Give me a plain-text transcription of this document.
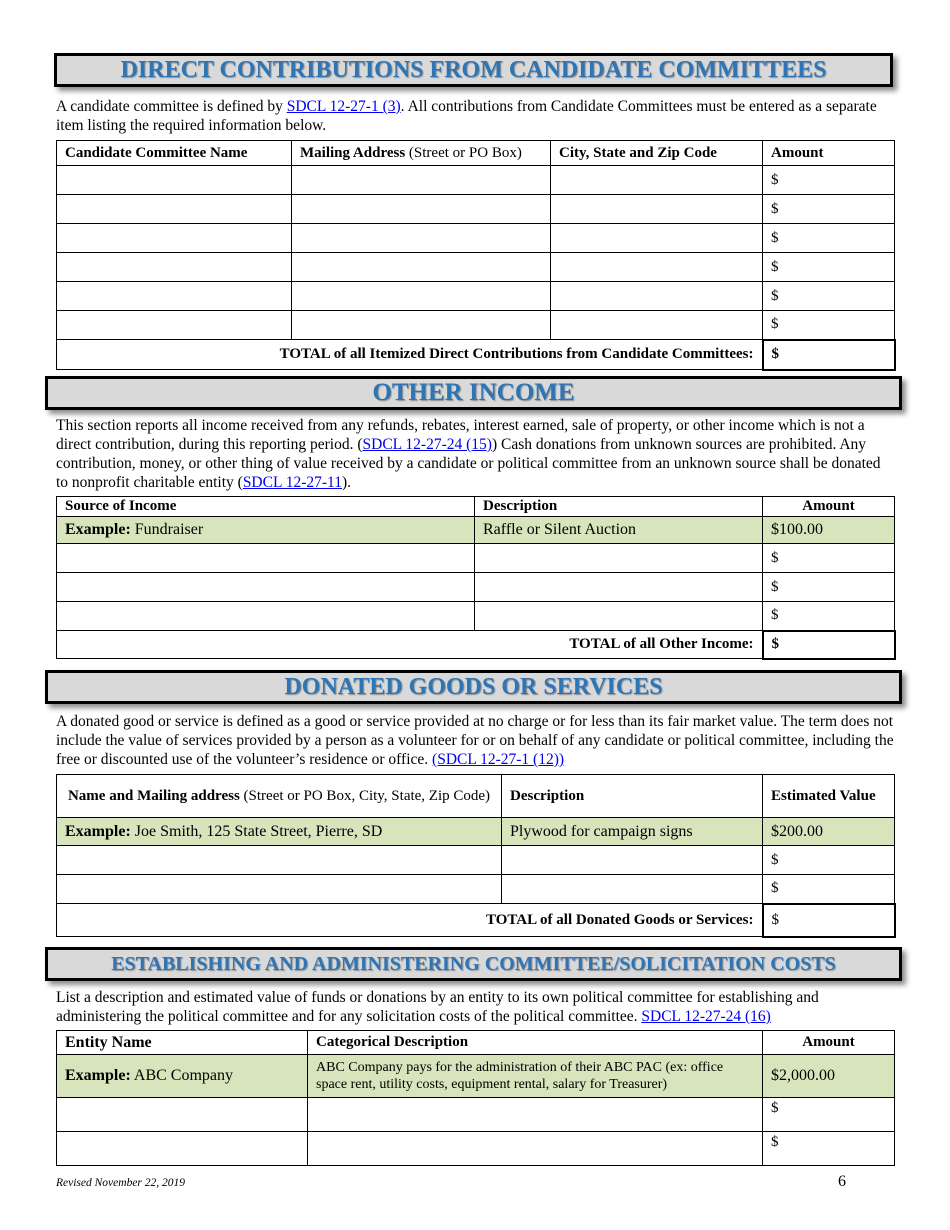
DIRECT CONTRIBUTIONS FROM CANDIDATE COMMITTEES
A candidate committee is defined by SDCL 12-27-1 (3). All contributions from Candidate Committees must be entered as a separate item listing the required information below.
Candidate Committee Name	Mailing Address (Street or PO Box)	City, State and Zip Code	Amount
			$
			$
			$
			$
			$
			$
TOTAL of all Itemized Direct Contributions from Candidate Committees:			$
OTHER INCOME
This section reports all income received from any refunds, rebates, interest earned, sale of property, or other income which is not a direct contribution, during this reporting period. (SDCL 12-27-24 (15)) Cash donations from unknown sources are prohibited. Any contribution, money, or other thing of value received by a candidate or political committee from an unknown source shall be donated to nonprofit charitable entity (SDCL 12-27-11).
Source of Income	Description	Amount
Example: Fundraiser	Raffle or Silent Auction	$100.00
		$
		$
		$
TOTAL of all Other Income:		$
DONATED GOODS OR SERVICES
A donated good or service is defined as a good or service provided at no charge or for less than its fair market value. The term does not include the value of services provided by a person as a volunteer for or on behalf of any candidate or political committee, including the free or discounted use of the volunteer’s residence or office. (SDCL 12-27-1 (12))
Name and Mailing address (Street or PO Box, City, State, Zip Code)	Description	Estimated Value
Example: Joe Smith, 125 State Street, Pierre, SD	Plywood for campaign signs	$200.00
		$
		$
TOTAL of all Donated Goods or Services:		$
ESTABLISHING AND ADMINISTERING COMMITTEE/SOLICITATION COSTS
List a description and estimated value of funds or donations by an entity to its own political committee for establishing and administering the political committee and for any solicitation costs of the political committee. SDCL 12-27-24 (16)
Entity Name	Categorical Description	Amount
Example: ABC Company	ABC Company pays for the administration of their ABC PAC (ex: office space rent, utility costs, equipment rental, salary for Treasurer)	$2,000.00
		$
		$
Revised November 22, 2019	6
